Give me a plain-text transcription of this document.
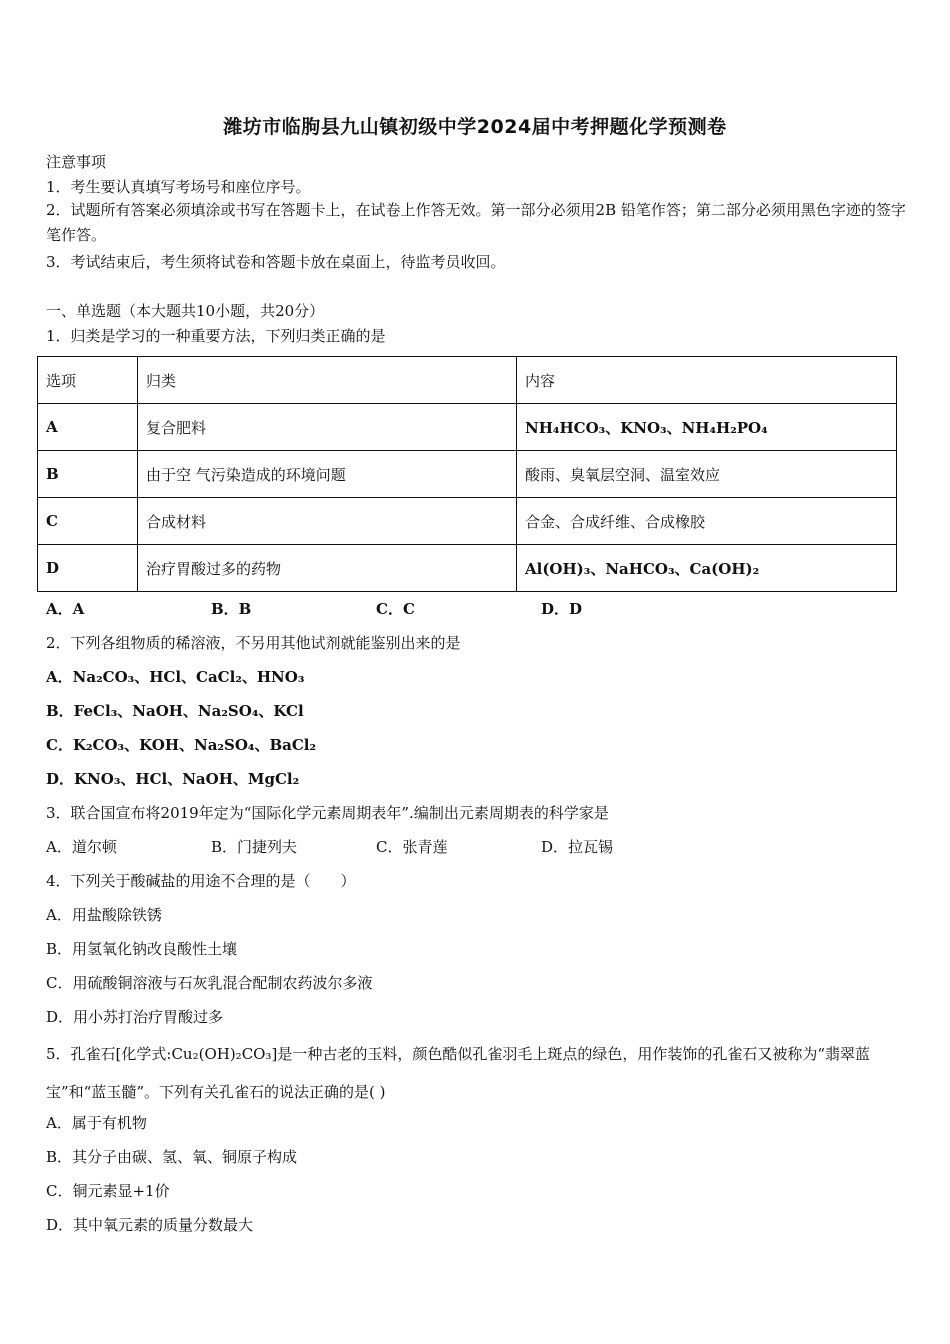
潍坊市临朐县九山镇初级中学2024届中考押题化学预测卷
注意事项
1．考生要认真填写考场号和座位序号。
2．试题所有答案必须填涂或书写在答题卡上，在试卷上作答无效。第一部分必须用2B 铅笔作答；第二部分必须用黑色字迹的签字笔作答。
3．考试结束后，考生须将试卷和答题卡放在桌面上，待监考员收回。
一、单选题（本大题共10小题，共20分）
1．归类是学习的一种重要方法，下列归类正确的是
选项	归类	内容
A	复合肥料	NH₄HCO₃、KNO₃、NH₄H₂PO₄
B	由于空 气污染造成的环境问题	酸雨、臭氧层空洞、温室效应
C	合成材料	合金、合成纤维、合成橡胶
D	治疗胃酸过多的药物	Al(OH)₃、NaHCO₃、Ca(OH)₂
A．A	B．B	C．C	D．D
2．下列各组物质的稀溶液，不另用其他试剂就能鉴别出来的是
A．Na₂CO₃、HCl、CaCl₂、HNO₃
B．FeCl₃、NaOH、Na₂SO₄、KCl
C．K₂CO₃、KOH、Na₂SO₄、BaCl₂
D．KNO₃、HCl、NaOH、MgCl₂
3．联合国宣布将2019年定为“国际化学元素周期表年”.编制出元素周期表的科学家是
A．道尔顿	B．门捷列夫	C．张青莲	D．拉瓦锡
4．下列关于酸碱盐的用途不合理的是（　　）
A．用盐酸除铁锈
B．用氢氧化钠改良酸性土壤
C．用硫酸铜溶液与石灰乳混合配制农药波尔多液
D．用小苏打治疗胃酸过多
5．孔雀石[化学式:Cu₂(OH)₂CO₃]是一种古老的玉料，颜色酷似孔雀羽毛上斑点的绿色，用作装饰的孔雀石又被称为“翡翠蓝宝”和“蓝玉髓”。下列有关孔雀石的说法正确的是( )
A．属于有机物
B．其分子由碳、氢、氧、铜原子构成
C．铜元素显+1价
D．其中氧元素的质量分数最大
